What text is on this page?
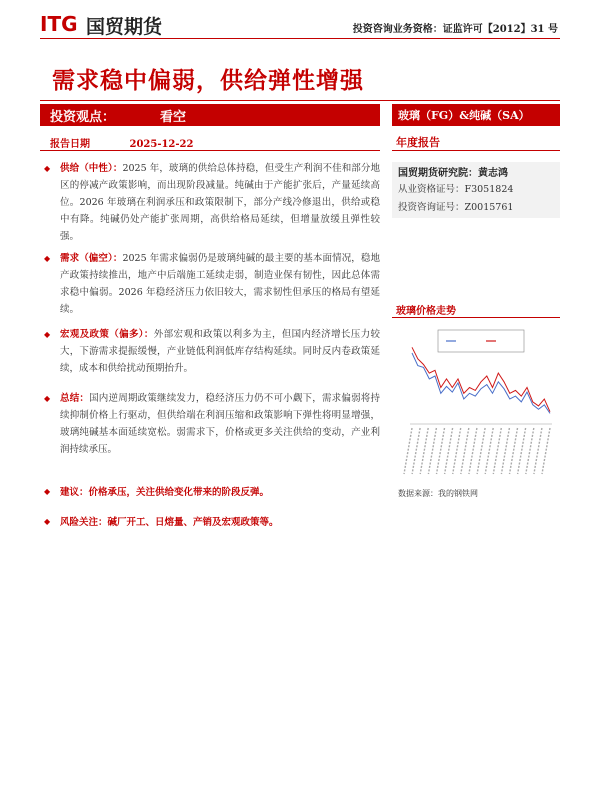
ITG 国贸期货	投资咨询业务资格：证监许可【2012】31 号
需求稳中偏弱，供给弹性增强
投资观点：	看空	玻璃（FG）&纯碱（SA）
报告日期	2025-12-22	年度报告
◆ 供给（中性）：2025 年，玻璃的供给总体持稳，但受生产利润不佳和部分地区的停减产政策影响，而出现阶段减量。纯碱由于产能扩张后，产量延续高位。2026 年玻璃在利润承压和政策限制下，部分产线冷修退出，供给或稳中有降。纯碱仍处产能扩张周期，高供给格局延续，但增量放缓且弹性较强。
◆ 需求（偏空）：2025 年需求偏弱仍是玻璃纯碱的最主要的基本面情况，稳地产政策持续推出，地产中后端施工延续走弱，制造业保有韧性，因此总体需求稳中偏弱。2026 年稳经济压力依旧较大，需求韧性但承压的格局有望延续。
◆ 宏观及政策（偏多）：外部宏观和政策以利多为主，但国内经济增长压力较大，下游需求提振缓慢，产业链低利润低库存结构延续。同时反内卷政策延续，成本和供给扰动预期抬升。
◆ 总结：国内逆周期政策继续发力，稳经济压力仍不可小觑下，需求偏弱将持续抑制价格上行驱动，但供给端在利润压缩和政策影响下弹性将明显增强，玻璃纯碱基本面延续宽松。弱需求下，价格或更多关注供给的变动，产业利润持续承压。
◆ 建议：价格承压，关注供给变化带来的阶段反弹。
◆ 风险关注：碱厂开工、日熔量、产销及宏观政策等。
国贸期货研究院：黄志鸿
从业资格证号：F3051824
投资咨询证号：Z0015761
玻璃价格走势
数据来源：我的钢铁网
